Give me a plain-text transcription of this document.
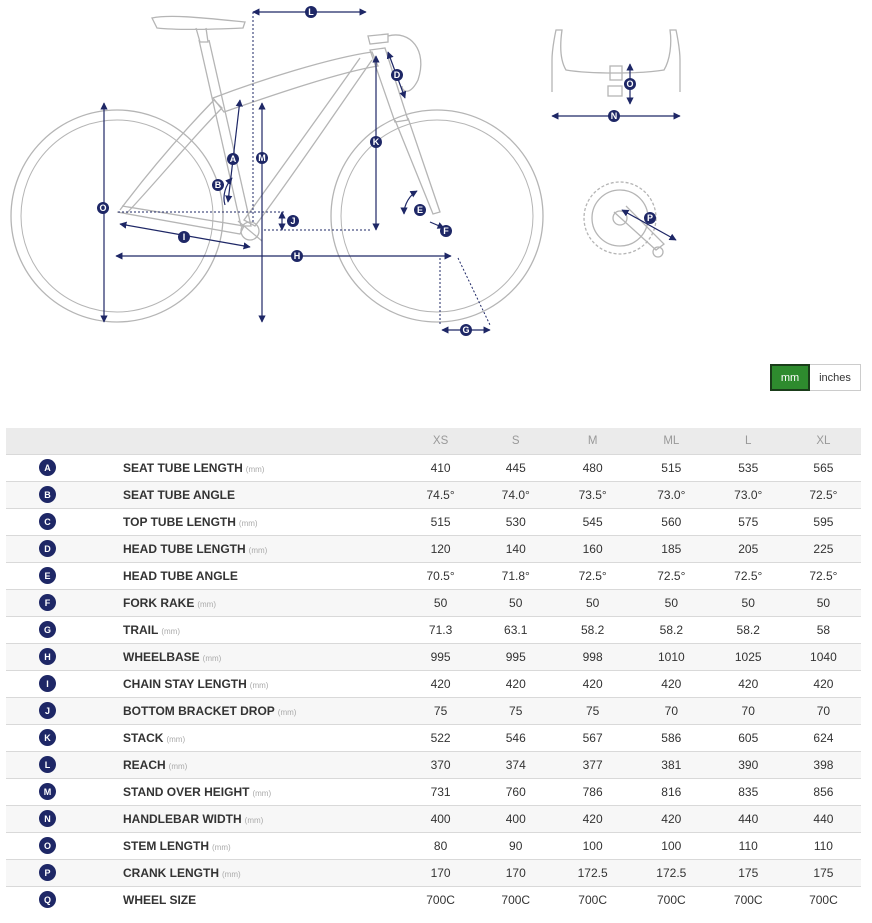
A
B
L
D
E
F
G
H
I
J
K
M
N
O
O
P
mm	inches
		XS	S	M	ML	L	XL
A	SEAT TUBE LENGTH (mm)	410	445	480	515	535	565
B	SEAT TUBE ANGLE	74.5°	74.0°	73.5°	73.0°	73.0°	72.5°
C	TOP TUBE LENGTH (mm)	515	530	545	560	575	595
D	HEAD TUBE LENGTH (mm)	120	140	160	185	205	225
E	HEAD TUBE ANGLE	70.5°	71.8°	72.5°	72.5°	72.5°	72.5°
F	FORK RAKE (mm)	50	50	50	50	50	50
G	TRAIL (mm)	71.3	63.1	58.2	58.2	58.2	58
H	WHEELBASE (mm)	995	995	998	1010	1025	1040
I	CHAIN STAY LENGTH (mm)	420	420	420	420	420	420
J	BOTTOM BRACKET DROP (mm)	75	75	75	70	70	70
K	STACK (mm)	522	546	567	586	605	624
L	REACH (mm)	370	374	377	381	390	398
M	STAND OVER HEIGHT (mm)	731	760	786	816	835	856
N	HANDLEBAR WIDTH (mm)	400	400	420	420	440	440
O	STEM LENGTH (mm)	80	90	100	100	110	110
P	CRANK LENGTH (mm)	170	170	172.5	172.5	175	175
Q	WHEEL SIZE	700C	700C	700C	700C	700C	700C
